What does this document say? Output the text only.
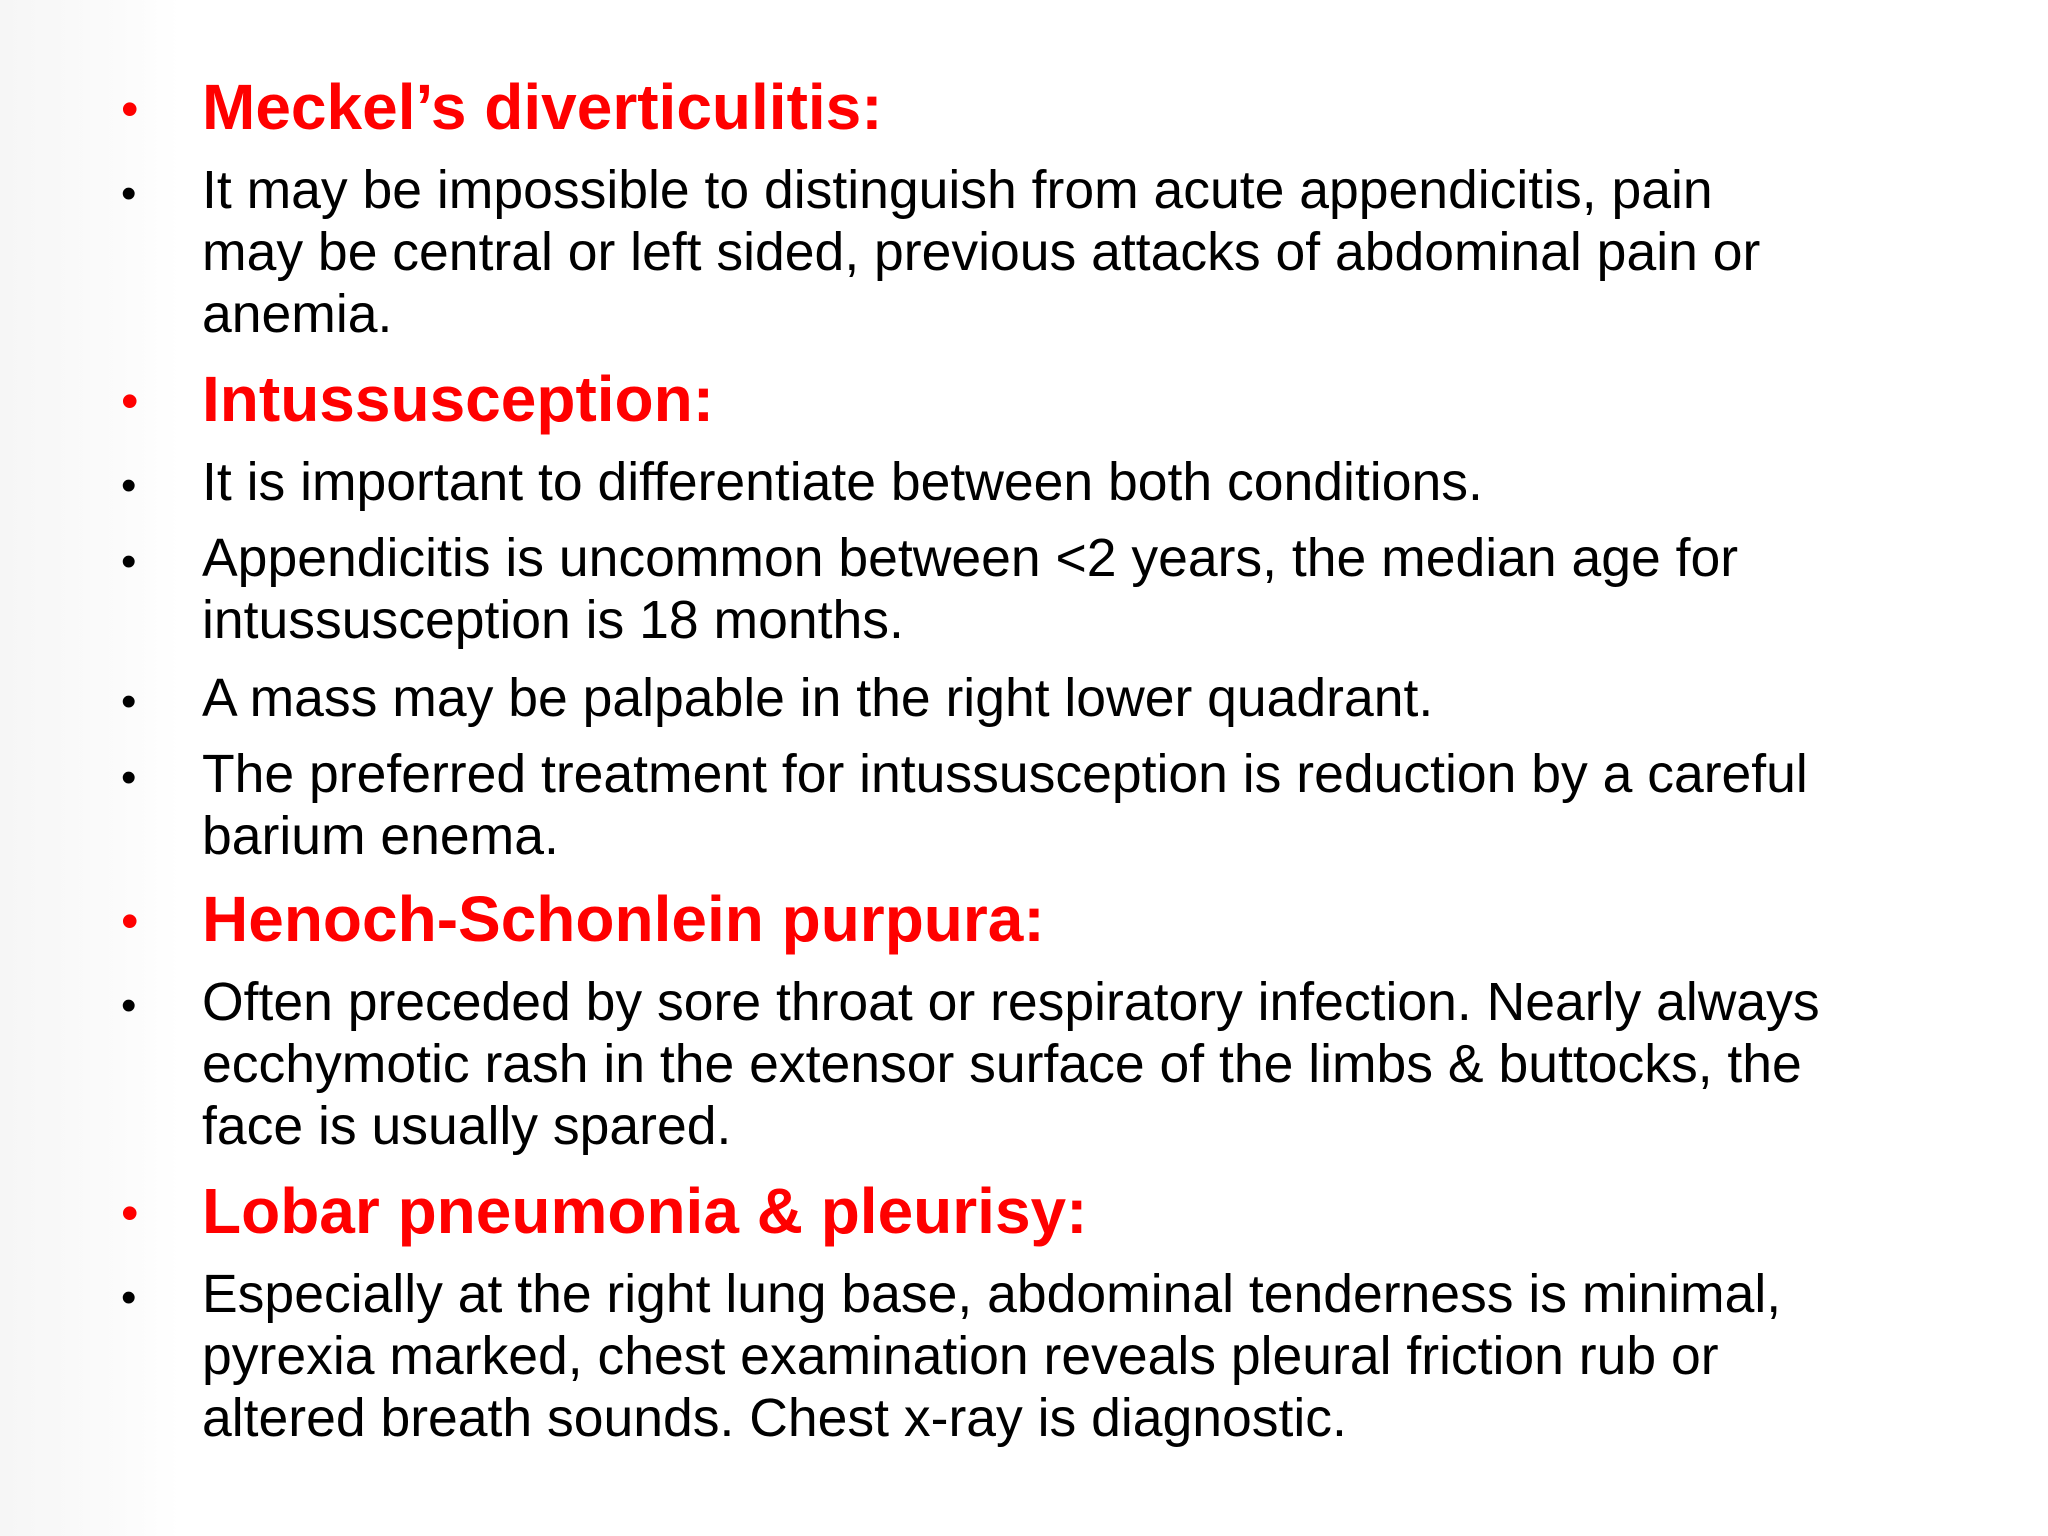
• Meckel’s diverticulitis:
• It may be impossible to distinguish from acute appendicitis, pain
may be central or left sided, previous attacks of abdominal pain or
anemia.
• Intussusception:
• It is important to differentiate between both conditions.
• Appendicitis is uncommon between <2 years, the median age for
intussusception is 18 months.
• A mass may be palpable in the right lower quadrant.
• The preferred treatment for intussusception is reduction by a careful
barium enema.
• Henoch-Schonlein purpura:
• Often preceded by sore throat or respiratory infection. Nearly always
ecchymotic rash in the extensor surface of the limbs & buttocks, the
face is usually spared.
• Lobar pneumonia & pleurisy:
• Especially at the right lung base, abdominal tenderness is minimal,
pyrexia marked, chest examination reveals pleural friction rub or
altered breath sounds. Chest x-ray is diagnostic.
